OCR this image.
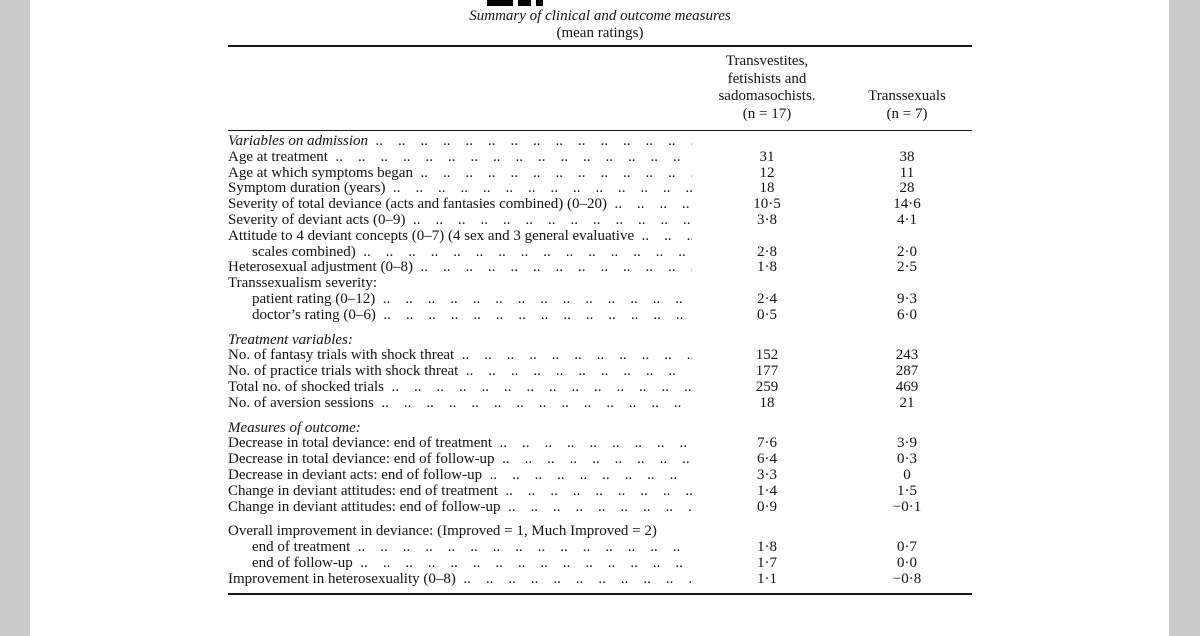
Summary of clinical and outcome measures
(mean ratings)
Transvestites,
fetishists and
sadomasochists.
(n = 17)
Transsexuals
(n = 7)
Variables on admission
..
Age at treatment ..	31	38
Age at which symptoms began ..	12	11
Symptom duration (years) ..	18	28
Severity of total deviance (acts and fantasies combined) (0–20) ..	10·5	14·6
Severity of deviant acts (0–9) ..	3·8	4·1
Attitude to 4 deviant concepts (0–7) (4 sex and 3 general evaluative
..
scales combined) ..	2·8	2·0
Heterosexual adjustment (0–8) ..	1·8	2·5
Transsexualism severity:
patient rating (0–12) ..	2·4	9·3
doctor’s rating (0–6) ..	0·5	6·0
Treatment variables:
No. of fantasy trials with shock threat ..	152	243
No. of practice trials with shock threat ..	177	287
Total no. of shocked trials ..	259	469
No. of aversion sessions ..	18	21
Measures of outcome:
Decrease in total deviance: end of treatment ..	7·6	3·9
Decrease in total deviance: end of follow-up ..	6·4	0·3
Decrease in deviant acts: end of follow-up ..	3·3	0
Change in deviant attitudes: end of treatment ..	1·4	1·5
Change in deviant attitudes: end of follow-up ..	0·9	−0·1
Overall improvement in deviance: (Improved = 1, Much Improved = 2)
end of treatment ..	1·8	0·7
end of follow-up ..	1·7	0·0
Improvement in heterosexuality (0–8) ..	1·1	−0·8
